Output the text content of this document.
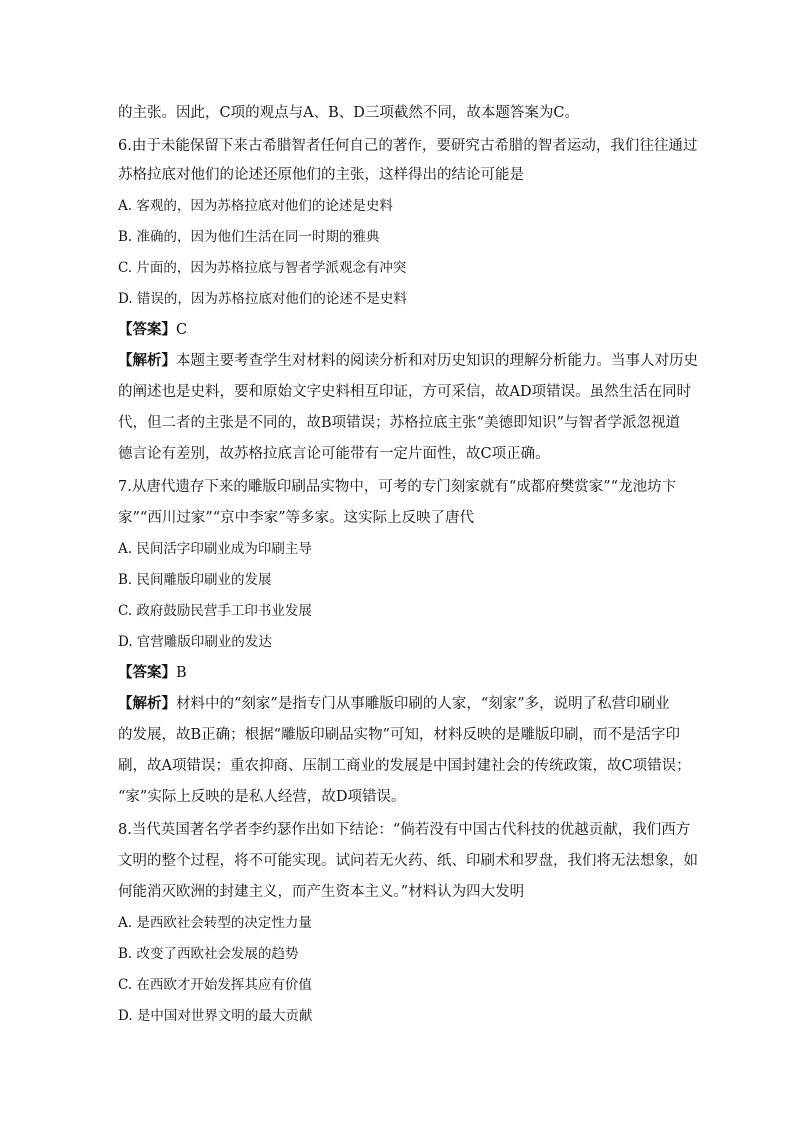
的主张。因此，C项的观点与A、B、D三项截然不同，故本题答案为C。
6.由于未能保留下来古希腊智者任何自己的著作，要研究古希腊的智者运动，我们往往通过
苏格拉底对他们的论述还原他们的主张，这样得出的结论可能是
A. 客观的，因为苏格拉底对他们的论述是史料
B. 准确的，因为他们生活在同一时期的雅典
C. 片面的，因为苏格拉底与智者学派观念有冲突
D. 错误的，因为苏格拉底对他们的论述不是史料
【答案】C
【解析】本题主要考查学生对材料的阅读分析和对历史知识的理解分析能力。当事人对历史
的阐述也是史料，要和原始文字史料相互印证，方可采信，故AD项错误。虽然生活在同时
代，但二者的主张是不同的，故B项错误；苏格拉底主张“美德即知识”与智者学派忽视道
德言论有差别，故苏格拉底言论可能带有一定片面性，故C项正确。
7.从唐代遗存下来的雕版印刷品实物中，可考的专门刻家就有“成都府樊赏家”“龙池坊卞
家”“西川过家”“京中李家”等多家。这实际上反映了唐代
A. 民间活字印刷业成为印刷主导
B. 民间雕版印刷业的发展
C. 政府鼓励民营手工印书业发展
D. 官营雕版印刷业的发达
【答案】B
【解析】材料中的“刻家”是指专门从事雕版印刷的人家，“刻家”多，说明了私营印刷业
的发展，故B正确；根据“雕版印刷品实物”可知，材料反映的是雕版印刷，而不是活字印
刷，故A项错误；重农抑商、压制工商业的发展是中国封建社会的传统政策，故C项错误；
“家”实际上反映的是私人经营，故D项错误。
8.当代英国著名学者李约瑟作出如下结论：“倘若没有中国古代科技的优越贡献，我们西方
文明的整个过程，将不可能实现。试问若无火药、纸、印刷术和罗盘，我们将无法想象，如
何能消灭欧洲的封建主义，而产生资本主义。”材料认为四大发明
A. 是西欧社会转型的决定性力量
B. 改变了西欧社会发展的趋势
C. 在西欧才开始发挥其应有价值
D. 是中国对世界文明的最大贡献
